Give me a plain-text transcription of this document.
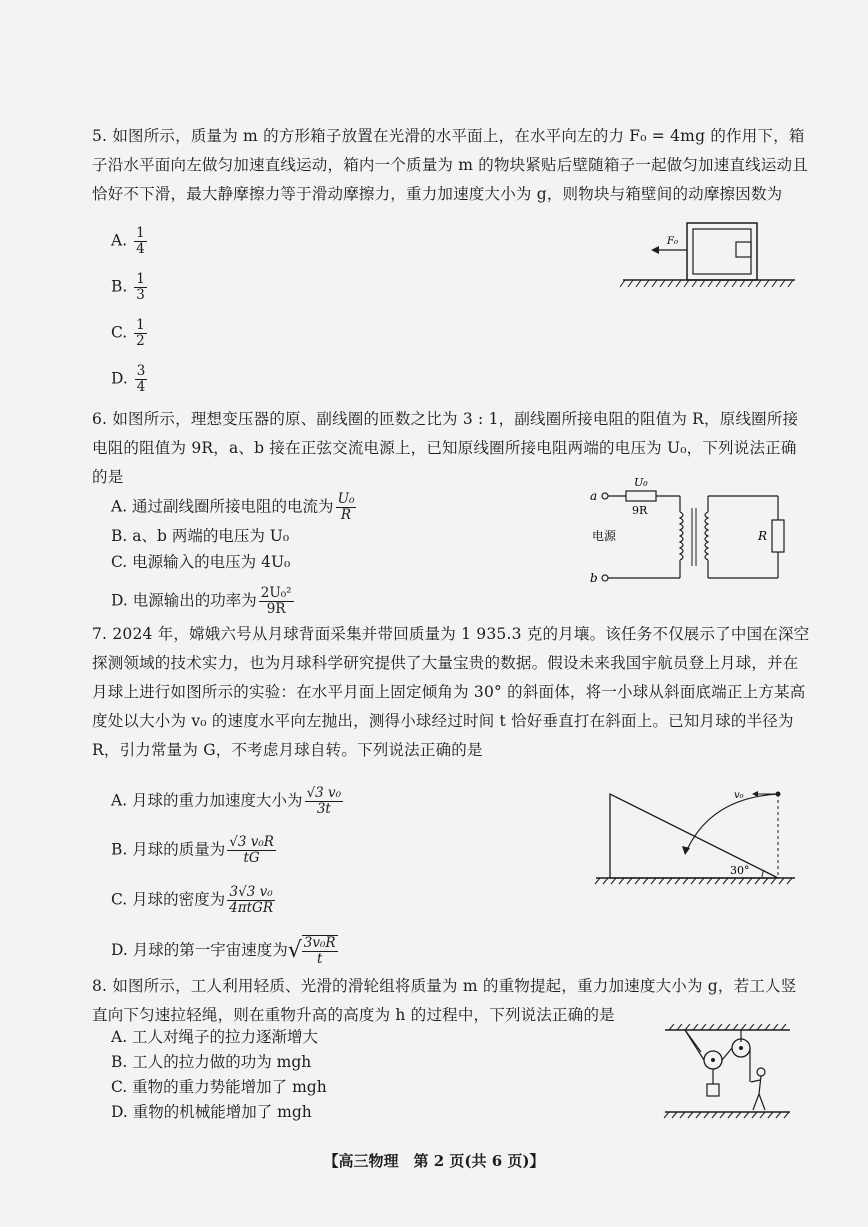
5. 如图所示，质量为 m 的方形箱子放置在光滑的水平面上，在水平向左的力 F₀ = 4mg 的作用下，箱子沿水平面向左做匀加速直线运动，箱内一个质量为 m 的物块紧贴后壁随箱子一起做匀加速直线运动且恰好不下滑，最大静摩擦力等于滑动摩擦力，重力加速度大小为 g，则物块与箱壁间的动摩擦因数为
A. $\frac{1}{4}$
B. $\frac{1}{3}$
C. $\frac{1}{2}$
D. $\frac{3}{4}$
F₀
6. 如图所示，理想变压器的原、副线圈的匝数之比为 3 : 1，副线圈所接电阻的阻值为 R，原线圈所接电阻的阻值为 9R，a、b 接在正弦交流电源上，已知原线圈所接电阻两端的电压为 U₀，下列说法正确的是
A. 通过副线圈所接电阻的电流为 $\frac{\text{U₀}}{R}$
B. a、b 两端的电压为 U₀
C. 电源输入的电压为 4U₀
D. 电源输出的功率为 $\frac{\text{2U₀²}}{9R}$
a
U₀
9R
b
电源	R
7. 2024 年，嫦娥六号从月球背面采集并带回质量为 1 935.3 克的月壤。该任务不仅展示了中国在深空探测领域的技术实力，也为月球科学研究提供了大量宝贵的数据。假设未来我国宇航员登上月球，并在月球上进行如图所示的实验：在水平月面上固定倾角为 30° 的斜面体，将一小球从斜面底端正上方某高度处以大小为 v₀ 的速度水平向左抛出，测得小球经过时间 t 恰好垂直打在斜面上。已知月球的半径为 R，引力常量为 G，不考虑月球自转。下列说法正确的是
A. 月球的重力加速度大小为 $\frac{\text{√3 v₀}}{3t}$
B. 月球的质量为 $\frac{\text{√3 v₀R}}{tG}$
C. 月球的密度为 $\frac{\text{3√3 v₀}}{\text{4πtGR}}$
D. 月球的第一宇宙速度为√ $\frac{\text{3v₀R}}{t}$
v₀
30°
8. 如图所示，工人利用轻质、光滑的滑轮组将质量为 m 的重物提起，重力加速度大小为 g，若工人竖直向下匀速拉轻绳，则在重物升高的高度为 h 的过程中，下列说法正确的是
A. 工人对绳子的拉力逐渐增大
B. 工人的拉力做的功为 mgh
C. 重物的重力势能增加了 mgh
D. 重物的机械能增加了 mgh
【高三物理　第 2 页(共 6 页)】
